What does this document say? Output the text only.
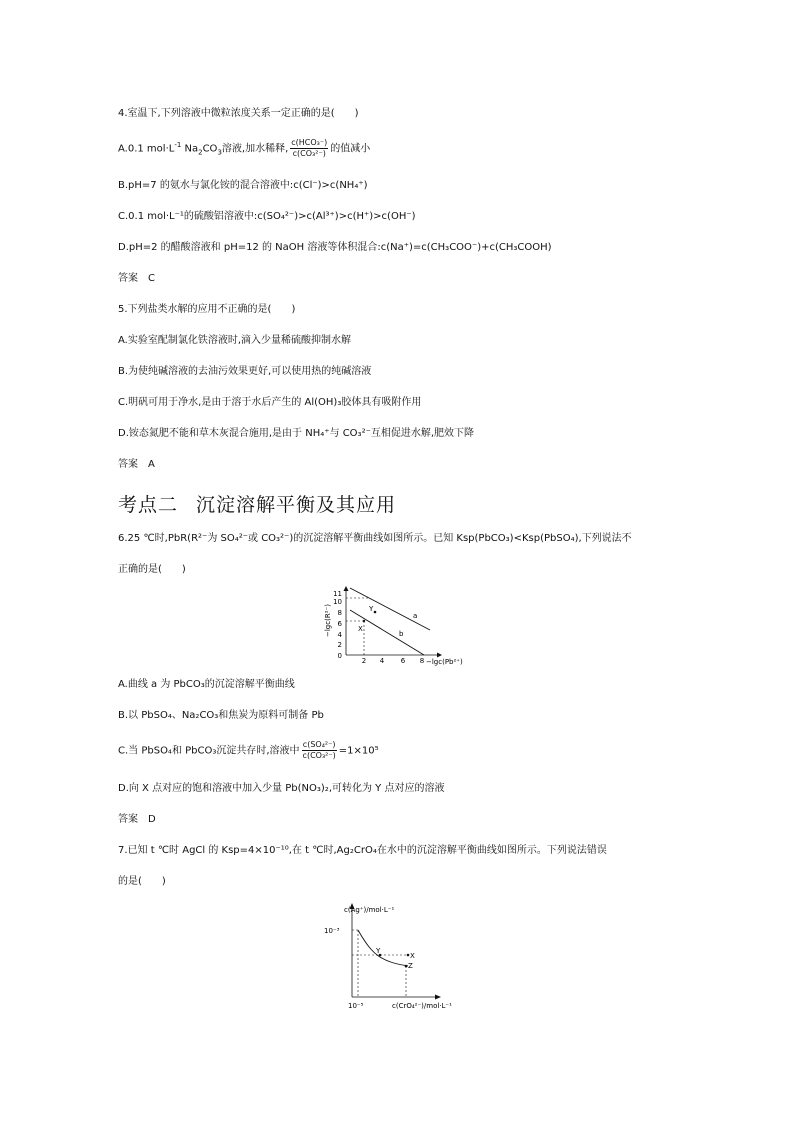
4.室温下,下列溶液中微粒浓度关系一定正确的是(　　)
A.0.1 $mol\cdot L^{-1}$ $Na_2CO_3$溶液,加水稀释, $\frac{\text{c(HCO₃⁻)}}{\text{c(CO₃²⁻)}}$ 的值减小
B.pH=7 的氨水与氯化铵的混合溶液中:c(Cl⁻)>c(NH₄⁺)
C.0.1 mol·L⁻¹的硫酸铝溶液中:c(SO₄²⁻)>c(Al³⁺)>c(H⁺)>c(OH⁻)
D.pH=2 的醋酸溶液和 pH=12 的 NaOH 溶液等体积混合:c(Na⁺)=c(CH₃COO⁻)+c(CH₃COOH)
答案　C
5.下列盐类水解的应用不正确的是(　　)
A.实验室配制氯化铁溶液时,滴入少量稀硫酸抑制水解
B.为使纯碱溶液的去油污效果更好,可以使用热的纯碱溶液
C.明矾可用于净水,是由于溶于水后产生的 Al(OH)₃胶体具有吸附作用
D.铵态氮肥不能和草木灰混合施用,是由于 NH₄⁺与 CO₃²⁻互相促进水解,肥效下降
答案　A
考点二 沉淀溶解平衡及其应用
6.25 ℃时,PbR(R²⁻为 SO₄²⁻或 CO₃²⁻)的沉淀溶解平衡曲线如图所示。已知 Ksp(PbCO₃)<Ksp(PbSO₄),下列说法不
正确的是(　　)
11
10
8
6
4
2
0
2 4 6 8
−lgc(R²⁻)
−lgc(Pb²⁺)
a
b
Y
X
A.曲线 a 为 PbCO₃的沉淀溶解平衡曲线
B.以 PbSO₄、Na₂CO₃和焦炭为原料可制备 Pb
C.当 PbSO₄和 PbCO₃沉淀共存时,溶液中 $\frac{\text{c(SO₄²⁻)}}{\text{c(CO₃²⁻)}} =1\times 10^5$
D.向 X 点对应的饱和溶液中加入少量 Pb(NO₃)₂,可转化为 Y 点对应的溶液
答案　D
7.已知 t ℃时 AgCl 的 Ksp=4×10⁻¹⁰,在 t ℃时,Ag₂CrO₄在水中的沉淀溶解平衡曲线如图所示。下列说法错误
的是(　　)
c(Ag⁺)/mol·L⁻¹
c(CrO₄²⁻)/mol·L⁻¹
10⁻³
10⁻⁵
Y
X
Z
